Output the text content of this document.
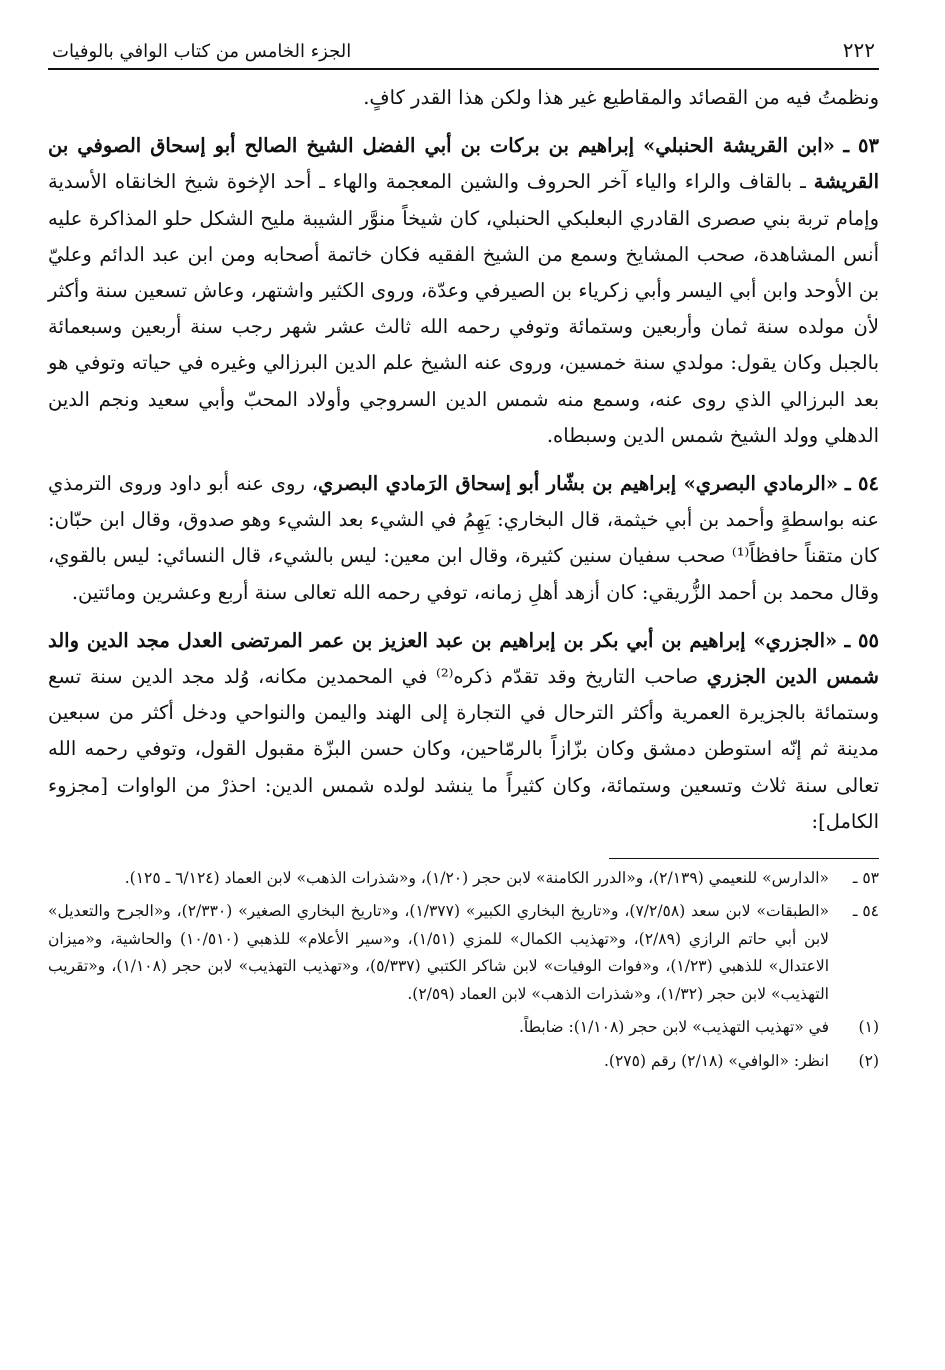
٢٢٢
الجزء الخامس من كتاب الوافي بالوفيات

ونظمتُ فيه من القصائد والمقاطيع غير هذا ولكن هذا القدر كافٍ.

٥٣ ـ «ابن القريشة الحنبلي» إبراهيم بن بركات بن أبي الفضل الشيخ الصالح أبو إسحاق الصوفي بن القريشة ـ بالقاف والراء والياء آخر الحروف والشين المعجمة والهاء ـ أحد الإخوة شيخ الخانقاه الأسدية وإمام تربة بني صصرى القادري البعلبكي الحنبلي، كان شيخاً منوَّر الشيبة مليح الشكل حلو المذاكرة عليه أنس المشاهدة، صحب المشايخ وسمع من الشيخ الفقيه فكان خاتمة أصحابه ومن ابن عبد الدائم وعليّ بن الأوحد وابن أبي اليسر وأبي زكرياء بن الصيرفي وعدّة، وروى الكثير واشتهر، وعاش تسعين سنة وأكثر لأن مولده سنة ثمان وأربعين وستمائة وتوفي رحمه الله ثالث عشر شهر رجب سنة أربعين وسبعمائة بالجبل وكان يقول: مولدي سنة خمسين، وروى عنه الشيخ علم الدين البرزالي وغيره في حياته وتوفي هو بعد البرزالي الذي روى عنه، وسمع منه شمس الدين السروجي وأولاد المحبّ وأبي سعيد ونجم الدين الدهلي وولد الشيخ شمس الدين وسبطاه.

٥٤ ـ «الرمادي البصري» إبراهيم بن بشّار أبو إسحاق الرَمادي البصري، روى عنه أبو داود وروى الترمذي عنه بواسطةٍ وأحمد بن أبي خيثمة، قال البخاري: يَهِمُ في الشيء بعد الشيء وهو صدوق، وقال ابن حبّان: كان متقناً حافظاً⁽¹⁾ صحب سفيان سنين كثيرة، وقال ابن معين: ليس بالشيء، قال النسائي: ليس بالقوي، وقال محمد بن أحمد الزُّريقي: كان أزهد أهلِ زمانه، توفي رحمه الله تعالى سنة أربع وعشرين ومائتين.

٥٥ ـ «الجزري» إبراهيم بن أبي بكر بن إبراهيم بن عبد العزيز بن عمر المرتضى العدل مجد الدين والد شمس الدين الجزري صاحب التاريخ وقد تقدّم ذكره⁽²⁾ في المحمدين مكانه، وُلد مجد الدين سنة تسع وستمائة بالجزيرة العمرية وأكثر الترحال في التجارة إلى الهند واليمن والنواحي ودخل أكثر من سبعين مدينة ثم إنّه استوطن دمشق وكان بزّازاً بالرمّاحين، وكان حسن البزّة مقبول القول، وتوفي رحمه الله تعالى سنة ثلاث وتسعين وستمائة، وكان كثيراً ما ينشد لولده شمس الدين: احذرْ من الواوات [مجزوء الكامل]:

٥٣ ـ
«الدارس» للنعيمي (٢/١٣٩)، و«الدرر الكامنة» لابن حجر (١/٢٠)، و«شذرات الذهب» لابن العماد (٦/١٢٤ ـ ١٢٥).
٥٤ ـ
«الطبقات» لابن سعد (٧/٢/٥٨)، و«تاريخ البخاري الكبير» (١/٣٧٧)، و«تاريخ البخاري الصغير» (٢/٣٣٠)، و«الجرح والتعديل» لابن أبي حاتم الرازي (٢/٨٩)، و«تهذيب الكمال» للمزي (١/٥١)، و«سير الأعلام» للذهبي (١٠/٥١٠) والحاشية، و«ميزان الاعتدال» للذهبي (١/٢٣)، و«فوات الوفيات» لابن شاكر الكتبي (٥/٣٣٧)، و«تهذيب التهذيب» لابن حجر (١/١٠٨)، و«تقريب التهذيب» لابن حجر (١/٣٢)، و«شذرات الذهب» لابن العماد (٢/٥٩).
(١)
في «تهذيب التهذيب» لابن حجر (١/١٠٨): ضابطاً.
(٢)
انظر: «الوافي» (٢/١٨) رقم (٢٧٥).
